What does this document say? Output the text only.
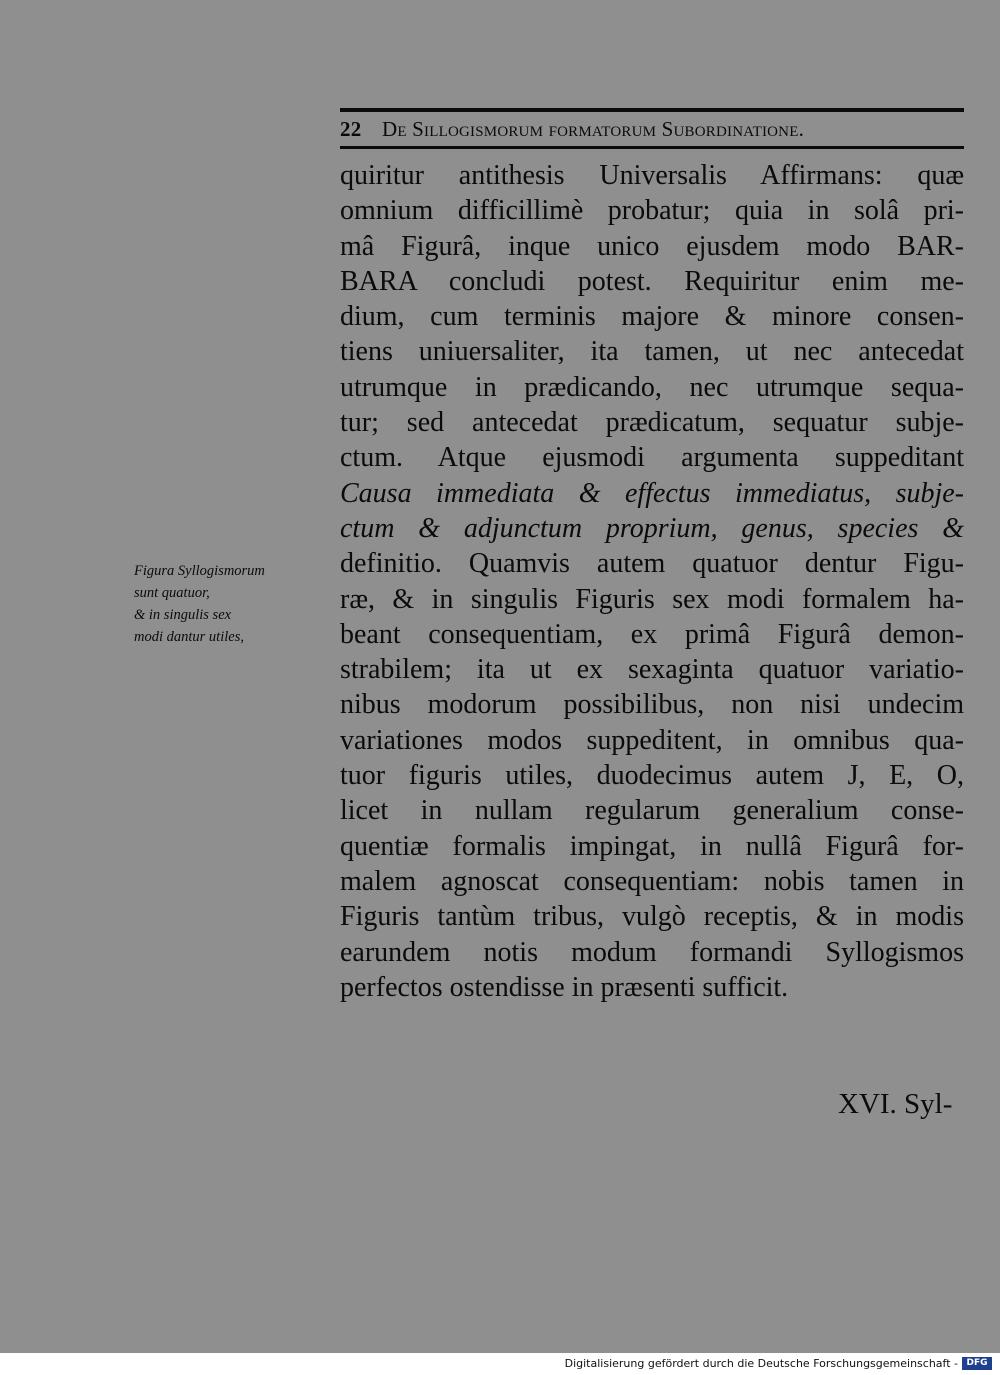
22 De Sillogismorum formatorum Subordinatione.
quiritur antithesis Universalis Affirmans: quæ
omnium difficillimè probatur; quia in solâ pri-
mâ Figurâ, inque unico ejusdem modo BAR-
BARA concludi potest. Requiritur enim me-
dium, cum terminis majore & minore consen-
tiens uniuersaliter, ita tamen, ut nec antecedat
utrumque in prædicando, nec utrumque sequa-
tur; sed antecedat prædicatum, sequatur subje-
ctum. Atque ejusmodi argumenta suppeditant
Causa immediata & effectus immediatus, subje-
ctum & adjunctum proprium, genus, species &
definitio. Quamvis autem quatuor dentur Figu-
ræ, & in singulis Figuris sex modi formalem ha-
beant consequentiam, ex primâ Figurâ demon-
strabilem; ita ut ex sexaginta quatuor variatio-
nibus modorum possibilibus, non nisi undecim
variationes modos suppeditent, in omnibus qua-
tuor figuris utiles, duodecimus autem J, E, O,
licet in nullam regularum generalium conse-
quentiæ formalis impingat, in nullâ Figurâ for-
malem agnoscat consequentiam: nobis tamen in
Figuris tantùm tribus, vulgò receptis, & in modis
earundem notis modum formandi Syllogismos
perfectos ostendisse in præsenti sufficit.
Figura Syllogismorum
sunt quatuor,
& in singulis sex
modi dantur utiles,
XVI. Syl-
Digitalisierung gefördert durch die Deutsche Forschungsgemeinschaft - DFG
